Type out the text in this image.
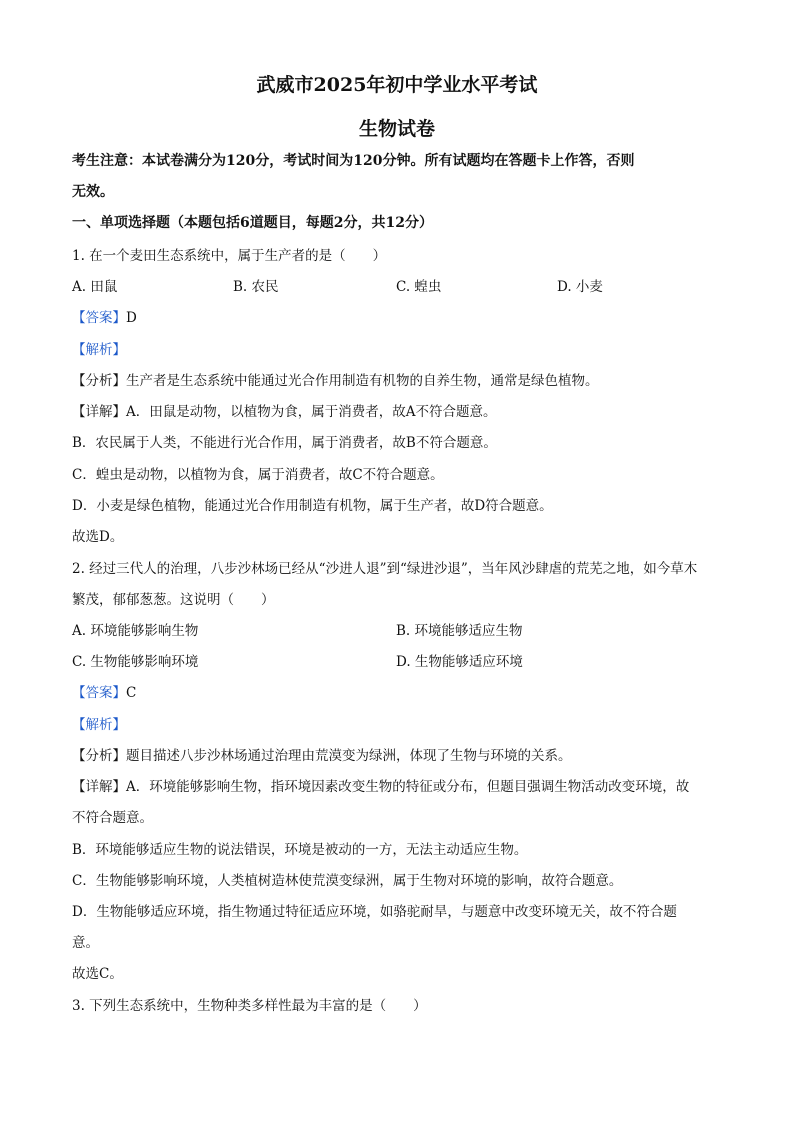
武威市2025年初中学业水平考试
生物试卷
考生注意：本试卷满分为120分，考试时间为120分钟。所有试题均在答题卡上作答，否则
无效。
一、单项选择题（本题包括6道题目，每题2分，共12分）
1. 在一个麦田生态系统中，属于生产者的是（　　）
A. 田鼠	B. 农民	C. 蝗虫	D. 小麦
【答案】D
【解析】
【分析】生产者是生态系统中能通过光合作用制造有机物的自养生物，通常是绿色植物。
【详解】A．田鼠是动物，以植物为食，属于消费者，故A不符合题意。
B．农民属于人类，不能进行光合作用，属于消费者，故B不符合题意。
C．蝗虫是动物，以植物为食，属于消费者，故C不符合题意。
D．小麦是绿色植物，能通过光合作用制造有机物，属于生产者，故D符合题意。
故选D。
2. 经过三代人的治理，八步沙林场已经从“沙进人退”到“绿进沙退”，当年风沙肆虐的荒芜之地，如今草木
繁茂，郁郁葱葱。这说明（　　）
A. 环境能够影响生物	B. 环境能够适应生物
C. 生物能够影响环境	D. 生物能够适应环境
【答案】C
【解析】
【分析】题目描述八步沙林场通过治理由荒漠变为绿洲，体现了生物与环境的关系。
【详解】A．环境能够影响生物，指环境因素改变生物的特征或分布，但题目强调生物活动改变环境，故
不符合题意。
B．环境能够适应生物的说法错误，环境是被动的一方，无法主动适应生物。
C．生物能够影响环境，人类植树造林使荒漠变绿洲，属于生物对环境的影响，故符合题意。
D．生物能够适应环境，指生物通过特征适应环境，如骆驼耐旱，与题意中改变环境无关，故不符合题
意。
故选C。
3. 下列生态系统中，生物种类多样性最为丰富的是（　　）
